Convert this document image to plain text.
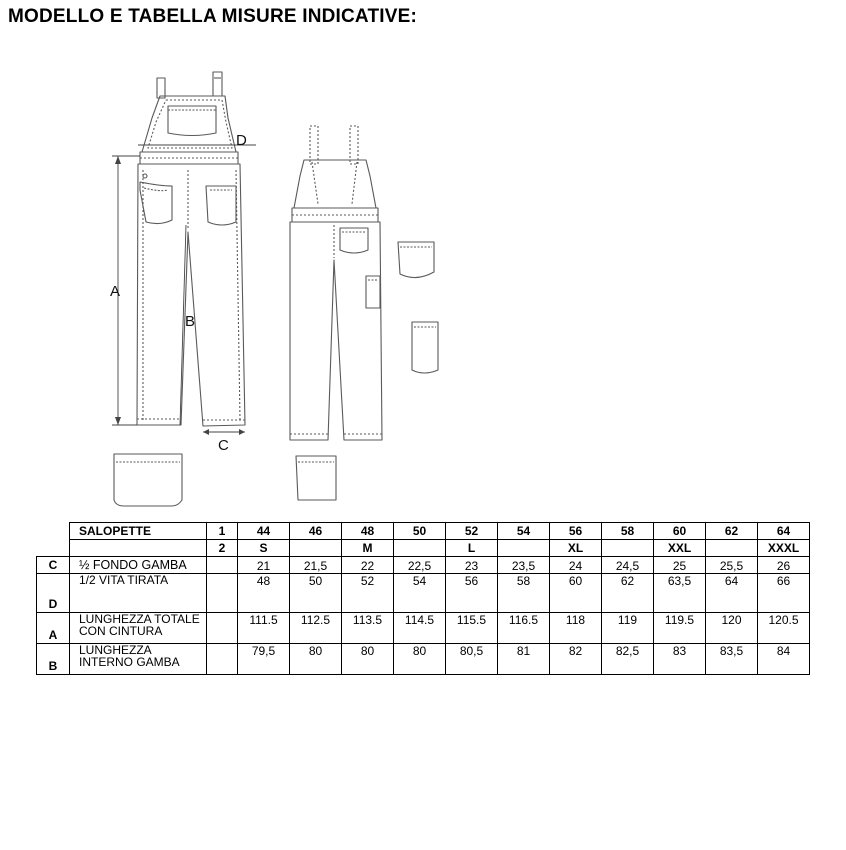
MODELLO E TABELLA MISURE INDICATIVE:
A
B
C
D
	SALOPETTE	1	44	46	48	50	52	54	56	58	60	62	64
		2	S		M		L		XL		XXL		XXXL
C	½ FONDO GAMBA		21	21,5	22	22,5	23	23,5	24	24,5	25	25,5	26
D	1/2 VITA TIRATA		48	50	52	54	56	58	60	62	63,5	64	66
A	LUNGHEZZA TOTALE CON CINTURA		111.5	112.5	113.5	114.5	115.5	116.5	118	119	119.5	120	120.5
B	LUNGHEZZA INTERNO GAMBA		79,5	80	80	80	80,5	81	82	82,5	83	83,5	84
